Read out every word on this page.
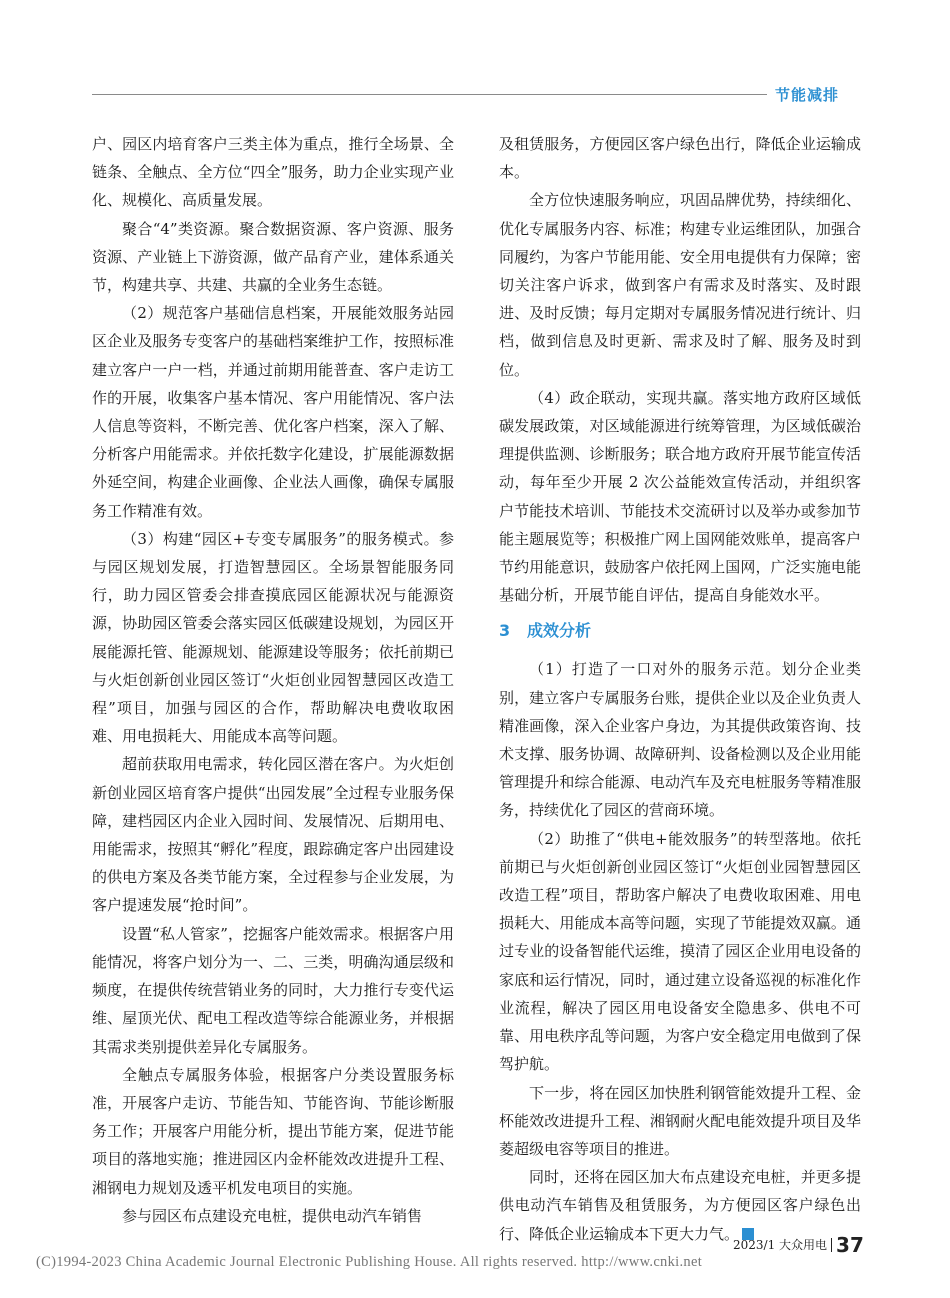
节能减排

户、园区内培育客户三类主体为重点，推行全场景、全链条、全触点、全方位“四全”服务，助力企业实现产业化、规模化、高质量发展。

聚合“4”类资源。聚合数据资源、客户资源、服务资源、产业链上下游资源，做产品育产业，建体系通关节，构建共享、共建、共赢的全业务生态链。

（2）规范客户基础信息档案，开展能效服务站园区企业及服务专变客户的基础档案维护工作，按照标准建立客户一户一档，并通过前期用能普查、客户走访工作的开展，收集客户基本情况、客户用能情况、客户法人信息等资料，不断完善、优化客户档案，深入了解、分析客户用能需求。并依托数字化建设，扩展能源数据外延空间，构建企业画像、企业法人画像，确保专属服务工作精准有效。

（3）构建“园区+专变专属服务”的服务模式。参与园区规划发展，打造智慧园区。全场景智能服务同行，助力园区管委会排查摸底园区能源状况与能源资源，协助园区管委会落实园区低碳建设规划，为园区开展能源托管、能源规划、能源建设等服务；依托前期已与火炬创新创业园区签订“火炬创业园智慧园区改造工程”项目，加强与园区的合作，帮助解决电费收取困难、用电损耗大、用能成本高等问题。

超前获取用电需求，转化园区潜在客户。为火炬创新创业园区培育客户提供“出园发展”全过程专业服务保障，建档园区内企业入园时间、发展情况、后期用电、用能需求，按照其“孵化”程度，跟踪确定客户出园建设的供电方案及各类节能方案，全过程参与企业发展，为客户提速发展“抢时间”。

设置“私人管家”，挖掘客户能效需求。根据客户用能情况，将客户划分为一、二、三类，明确沟通层级和频度，在提供传统营销业务的同时，大力推行专变代运维、屋顶光伏、配电工程改造等综合能源业务，并根据其需求类别提供差异化专属服务。

全触点专属服务体验，根据客户分类设置服务标准，开展客户走访、节能告知、节能咨询、节能诊断服务工作；开展客户用能分析，提出节能方案，促进节能项目的落地实施；推进园区内金杯能效改进提升工程、湘钢电力规划及透平机发电项目的实施。

参与园区布点建设充电桩，提供电动汽车销售

及租赁服务，方便园区客户绿色出行，降低企业运输成本。

全方位快速服务响应，巩固品牌优势，持续细化、优化专属服务内容、标准；构建专业运维团队，加强合同履约，为客户节能用能、安全用电提供有力保障；密切关注客户诉求，做到客户有需求及时落实、及时跟进、及时反馈；每月定期对专属服务情况进行统计、归档，做到信息及时更新、需求及时了解、服务及时到位。

（4）政企联动，实现共赢。落实地方政府区域低碳发展政策，对区域能源进行统筹管理，为区域低碳治理提供监测、诊断服务；联合地方政府开展节能宣传活动，每年至少开展 2 次公益能效宣传活动，并组织客户节能技术培训、节能技术交流研讨以及举办或参加节能主题展览等；积极推广网上国网能效账单，提高客户节约用能意识，鼓励客户依托网上国网，广泛实施电能基础分析，开展节能自评估，提高自身能效水平。

3 成效分析

（1）打造了一口对外的服务示范。划分企业类别，建立客户专属服务台账，提供企业以及企业负责人精准画像，深入企业客户身边，为其提供政策咨询、技术支撑、服务协调、故障研判、设备检测以及企业用能管理提升和综合能源、电动汽车及充电桩服务等精准服务，持续优化了园区的营商环境。

（2）助推了“供电+能效服务”的转型落地。依托前期已与火炬创新创业园区签订“火炬创业园智慧园区改造工程”项目，帮助客户解决了电费收取困难、用电损耗大、用能成本高等问题，实现了节能提效双赢。通过专业的设备智能代运维，摸清了园区企业用电设备的家底和运行情况，同时，通过建立设备巡视的标准化作业流程，解决了园区用电设备安全隐患多、供电不可靠、用电秩序乱等问题，为客户安全稳定用电做到了保驾护航。

下一步，将在园区加快胜利钢管能效提升工程、金杯能效改进提升工程、湘钢耐火配电能效提升项目及华菱超级电容等项目的推进。

同时，还将在园区加大布点建设充电桩，并更多提供电动汽车销售及租赁服务，为方便园区客户绿色出行、降低企业运输成本下更大力气。

2023/1 大众用电 37
(C)1994-2023 China Academic Journal Electronic Publishing House. All rights reserved. http://www.cnki.net
